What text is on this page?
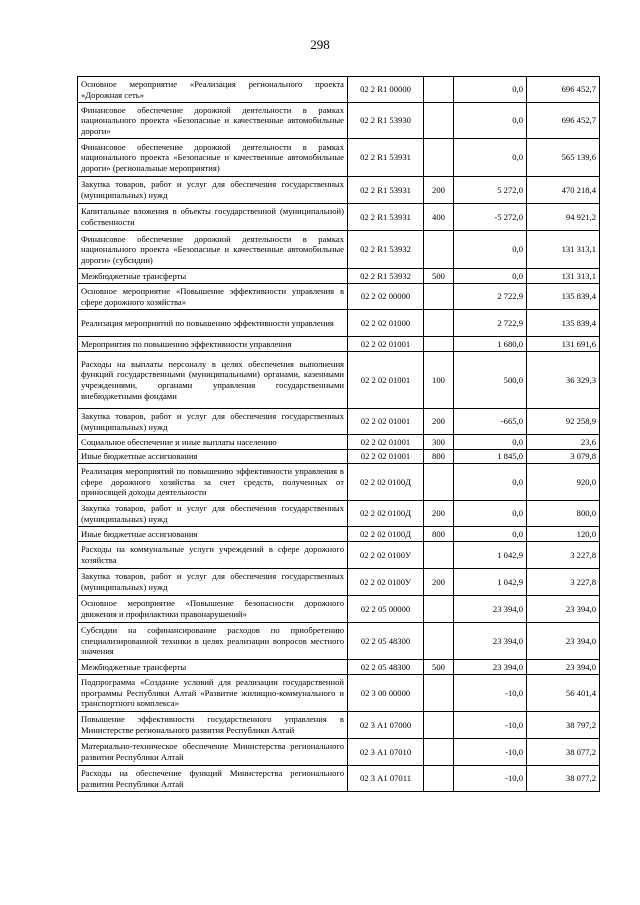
298
Основное мероприятие «Реализация регионального проекта «Дорожная сеть»	02 2 R1 00000		0,0	696 452,7
Финансовое обеспечение дорожной деятельности в рамках национального проекта «Безопасные и качественные автомобильные дороги»	02 2 R1 53930		0,0	696 452,7
Финансовое обеспечение дорожной деятельности в рамках национального проекта «Безопасные и качественные автомобильные дороги» (региональные мероприятия)	02 2 R1 53931		0,0	565 139,6
Закупка товаров, работ и услуг для обеспечения государственных (муниципальных) нужд	02 2 R1 53931	200	5 272,0	470 218,4
Капитальные вложения в объекты государственной (муниципальной) собственности	02 2 R1 53931	400	-5 272,0	94 921,2
Финансовое обеспечение дорожной деятельности в рамках национального проекта «Безопасные и качественные автомобильные дороги» (субсидии)	02 2 R1 53932		0,0	131 313,1
Межбюджетные трансферты	02 2 R1 53932	500	0,0	131 313,1
Основное мероприятие «Повышение эффективности управления в сфере дорожного хозяйства»	02 2 02 00000		2 722,9	135 839,4
Реализация мероприятий по повышению эффективности управления	02 2 02 01000		2 722,9	135 839,4
Мероприятия по повышению эффективности управления	02 2 02 01001		1 680,0	131 691,6
Расходы на выплаты персоналу в целях обеспечения выполнения функций государственными (муниципальными) органами, казенными учреждениями, органами управления государственными внебюджетными фондами	02 2 02 01001	100	500,0	36 329,3
Закупка товаров, работ и услуг для обеспечения государственных (муниципальных) нужд	02 2 02 01001	200	-665,0	92 258,9
Социальное обеспечение и иные выплаты населению	02 2 02 01001	300	0,0	23,6
Иные бюджетные ассигнования	02 2 02 01001	800	1 845,0	3 079,8
Реализация мероприятий по повышению эффективности управления в сфере дорожного хозяйства за счет средств, полученных от приносящей доходы деятельности	02 2 02 0100Д		0,0	920,0
Закупка товаров, работ и услуг для обеспечения государственных (муниципальных) нужд	02 2 02 0100Д	200	0,0	800,0
Иные бюджетные ассигнования	02 2 02 0100Д	800	0,0	120,0
Расходы на коммунальные услуги учреждений в сфере дорожного хозяйства	02 2 02 0100У		1 042,9	3 227,8
Закупка товаров, работ и услуг для обеспечения государственных (муниципальных) нужд	02 2 02 0100У	200	1 042,9	3 227,8
Основное мероприятие «Повышение безопасности дорожного движения и профилактики правонарушений»	02 2 05 00000		23 394,0	23 394,0
Субсидии на софинансирование расходов по приобретению специализированной техники в целях реализации вопросов местного значения	02 2 05 48300		23 394,0	23 394,0
Межбюджетные трансферты	02 2 05 48300	500	23 394,0	23 394,0
Подпрограмма «Создание условий для реализации государственной программы Республики Алтай «Развитие жилищно-коммунального и транспортного комплекса»	02 3 00 00000		-10,0	56 401,4
Повышение эффективности государственного управления в Министерстве регионального развития Республики Алтай	02 3 А1 07000		-10,0	38 797,2
Материально-техническое обеспечение Министерства регионального развития Республики Алтай	02 3 А1 07010		-10,0	38 077,2
Расходы на обеспечение функций Министерства регионального развития Республики Алтай	02 3 А1 07011		-10,0	38 077,2
